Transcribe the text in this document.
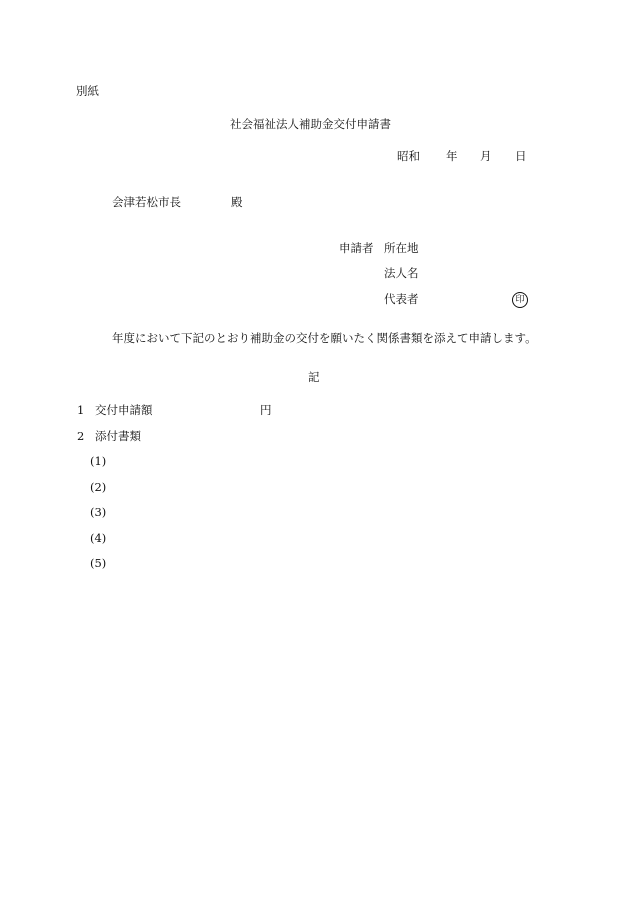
別紙
社会福祉法人補助金交付申請書
昭和 年 月 日
会津若松市長	殿
申請者 所在地
法人名
代表者	印
年度において下記のとおり補助金の交付を願いたく関係書類を添えて申請します。
記
1 交付申請額	円
2 添付書類
(1)
(2)
(3)
(4)
(5)
